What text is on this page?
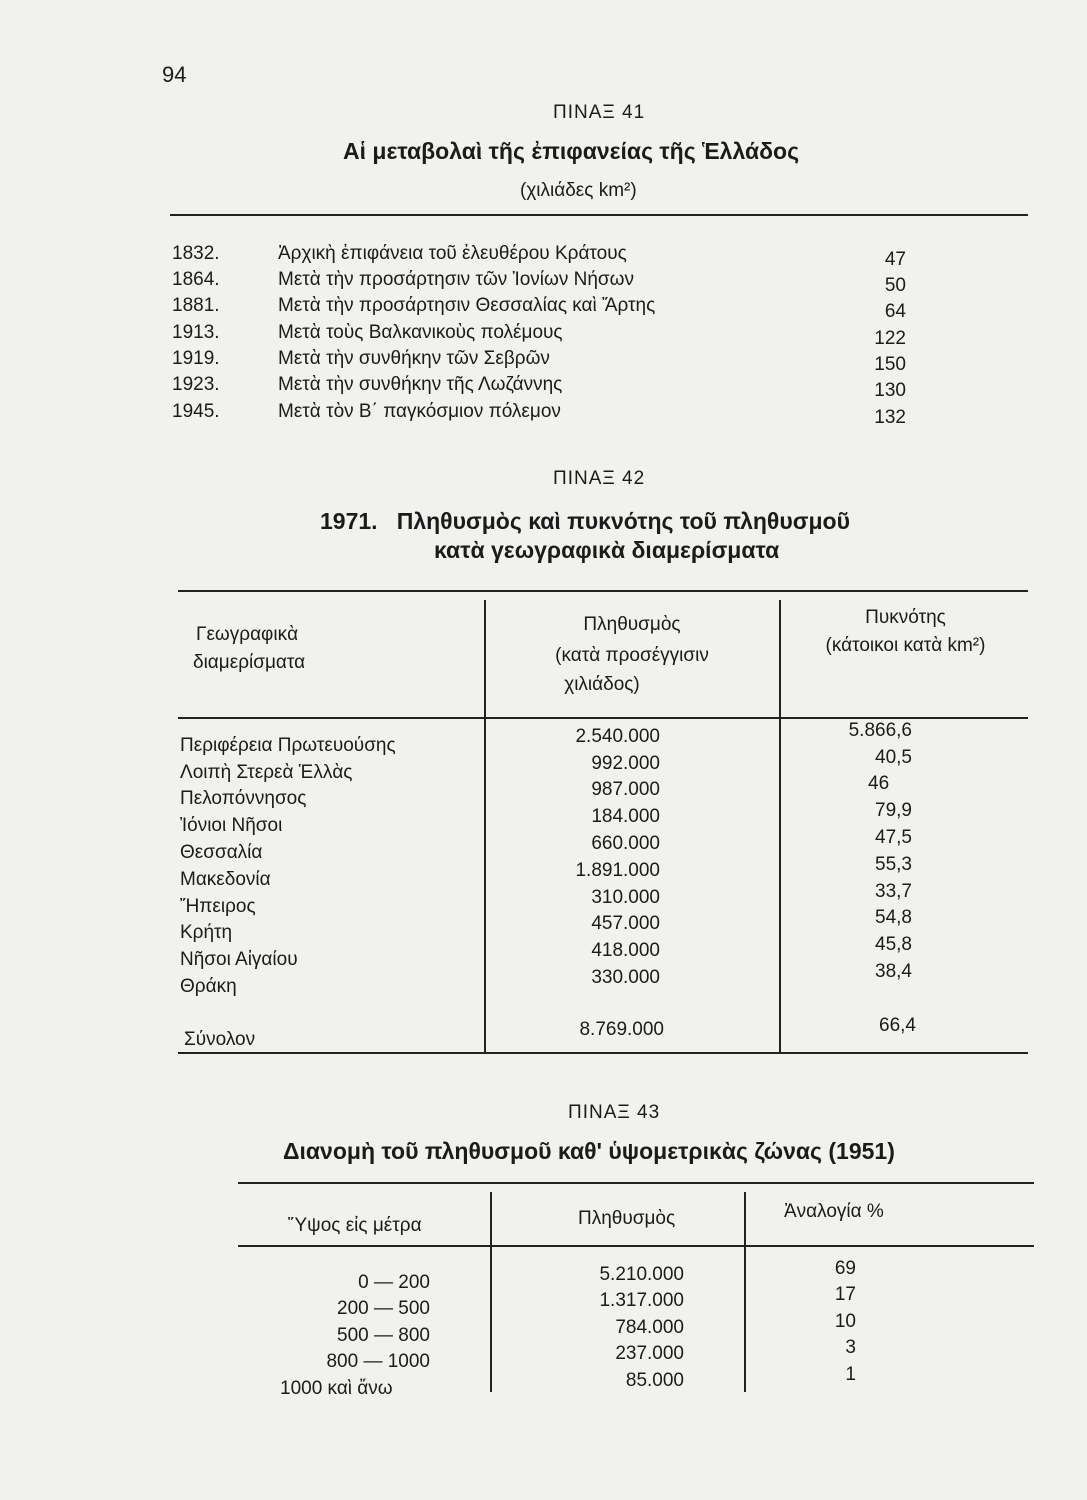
94
ΠΙΝΑΞ 41
Αἱ μεταβολαὶ τῆς ἐπιφανείας τῆς Ἑλλάδος
(χιλιάδες km²)
1832.	Ἀρχικὴ ἐπιφάνεια τοῦ ἐλευθέρου Κράτους	47
1864.	Μετὰ τὴν προσάρτησιν τῶν Ἰονίων Νήσων	50
1881.	Μετὰ τὴν προσάρτησιν Θεσσαλίας καὶ Ἄρτης	64
1913.	Μετὰ τοὺς Βαλκανικοὺς πολέμους	122
1919.	Μετὰ τὴν συνθήκην τῶν Σεβρῶν	150
1923.	Μετὰ τὴν συνθήκην τῆς Λωζάννης	130
1945.	Μετὰ τὸν Β΄ παγκόσμιον πόλεμον	132
ΠΙΝΑΞ 42
1971.   Πληθυσμὸς καὶ πυκνότης τοῦ πληθυσμοῦ
κατὰ γεωγραφικὰ διαμερίσματα
Γεωγραφικὰ
διαμερίσματα
Πληθυσμὸς
(κατὰ προσέγγισιν
χιλιάδος)
Πυκνότης
(κάτοικοι κατὰ km²)
Περιφέρεια Πρωτευούσης	2.540.000	5.866,6
Λοιπὴ Στερεὰ Ἑλλὰς	992.000	40,5
Πελοπόννησος	987.000	46
Ἰόνιοι Νῆσοι	184.000	79,9
Θεσσαλία	660.000	47,5
Μακεδονία	1.891.000	55,3
Ἤπειρος	310.000	33,7
Κρήτη	457.000	54,8
Νῆσοι Αἰγαίου	418.000	45,8
Θράκη	330.000	38,4
Σύνολον	8.769.000	66,4
ΠΙΝΑΞ 43
Διανομὴ τοῦ πληθυσμοῦ καθ' ὑψομετρικὰς ζώνας (1951)
Ὕψος εἰς μέτρα	Πληθυσμὸς	Ἀναλογία %
0 — 200	5.210.000	69
200 — 500	1.317.000	17
500 — 800	784.000	10
800 — 1000	237.000	3
1000 καὶ ἄνω	85.000	1
